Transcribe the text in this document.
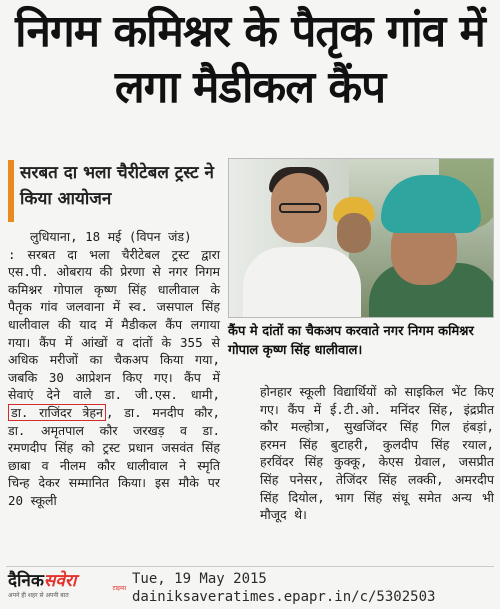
निगम कमिश्नर के पैतृक गांव में लगा मैडीकल कैंप
सरबत दा भला चैरीटेबल ट्रस्ट ने किया आयोजन
लुधियाना, 18 मई (विपन जंड)
: सरबत दा भला चैरीटेबल ट्रस्ट द्वारा एस.पी. ओबराय की प्रेरणा से नगर निगम कमिश्नर गोपाल कृष्ण सिंह धालीवाल के पैतृक गांव जलवाना में स्व. जसपाल सिंह धालीवाल की याद में मैडीकल कैंप लगाया गया। कैंप में आंखों व दांतों के 355 से अधिक मरीजों का चैकअप किया गया, जबकि 30 आप्रेशन किए गए। कैंप में सेवाएं देने वाले डा. जी.एस. धामी, डा. राजिंदर त्रेहन , डा. मनदीप कौर, डा. अमृतपाल कौर जरखड़ व डा. रमणदीप सिंह को ट्रस्ट प्रधान जसवंत सिंह छाबा व नीलम कौर धालीवाल ने स्मृति चिन्ह देकर सम्मानित किया। इस मौके पर 20 स्कूली
कैंप मे दांतों का चैकअप करवाते नगर निगम कमिश्नर गोपाल कृष्ण सिंह धालीवाल।
होनहार स्कूली विद्यार्थियों को साइकिल भेंट किए गए। कैंप में ई.टी.ओ. मनिंदर सिंह, इंद्रप्रीत कौर मल्होत्रा, सुखजिंदर सिंह गिल हंबड़ां, हरमन सिंह बुटाहरी, कुलदीप सिंह रयाल, हरविंदर सिंह कुक्कू, केएस ग्रेवाल, जसप्रीत सिंह पनेसर, तेजिंदर सिंह लक्की, अमरदीप सिंह दियोल, भाग सिंह संधू समेत अन्य भी मौजूद थे।
दैनिकसवेरा
अपने ही शहर से अपनी बात
टाइम्स
Tue, 19 May 2015
dainiksaveratimes.epapr.in/c/5302503
